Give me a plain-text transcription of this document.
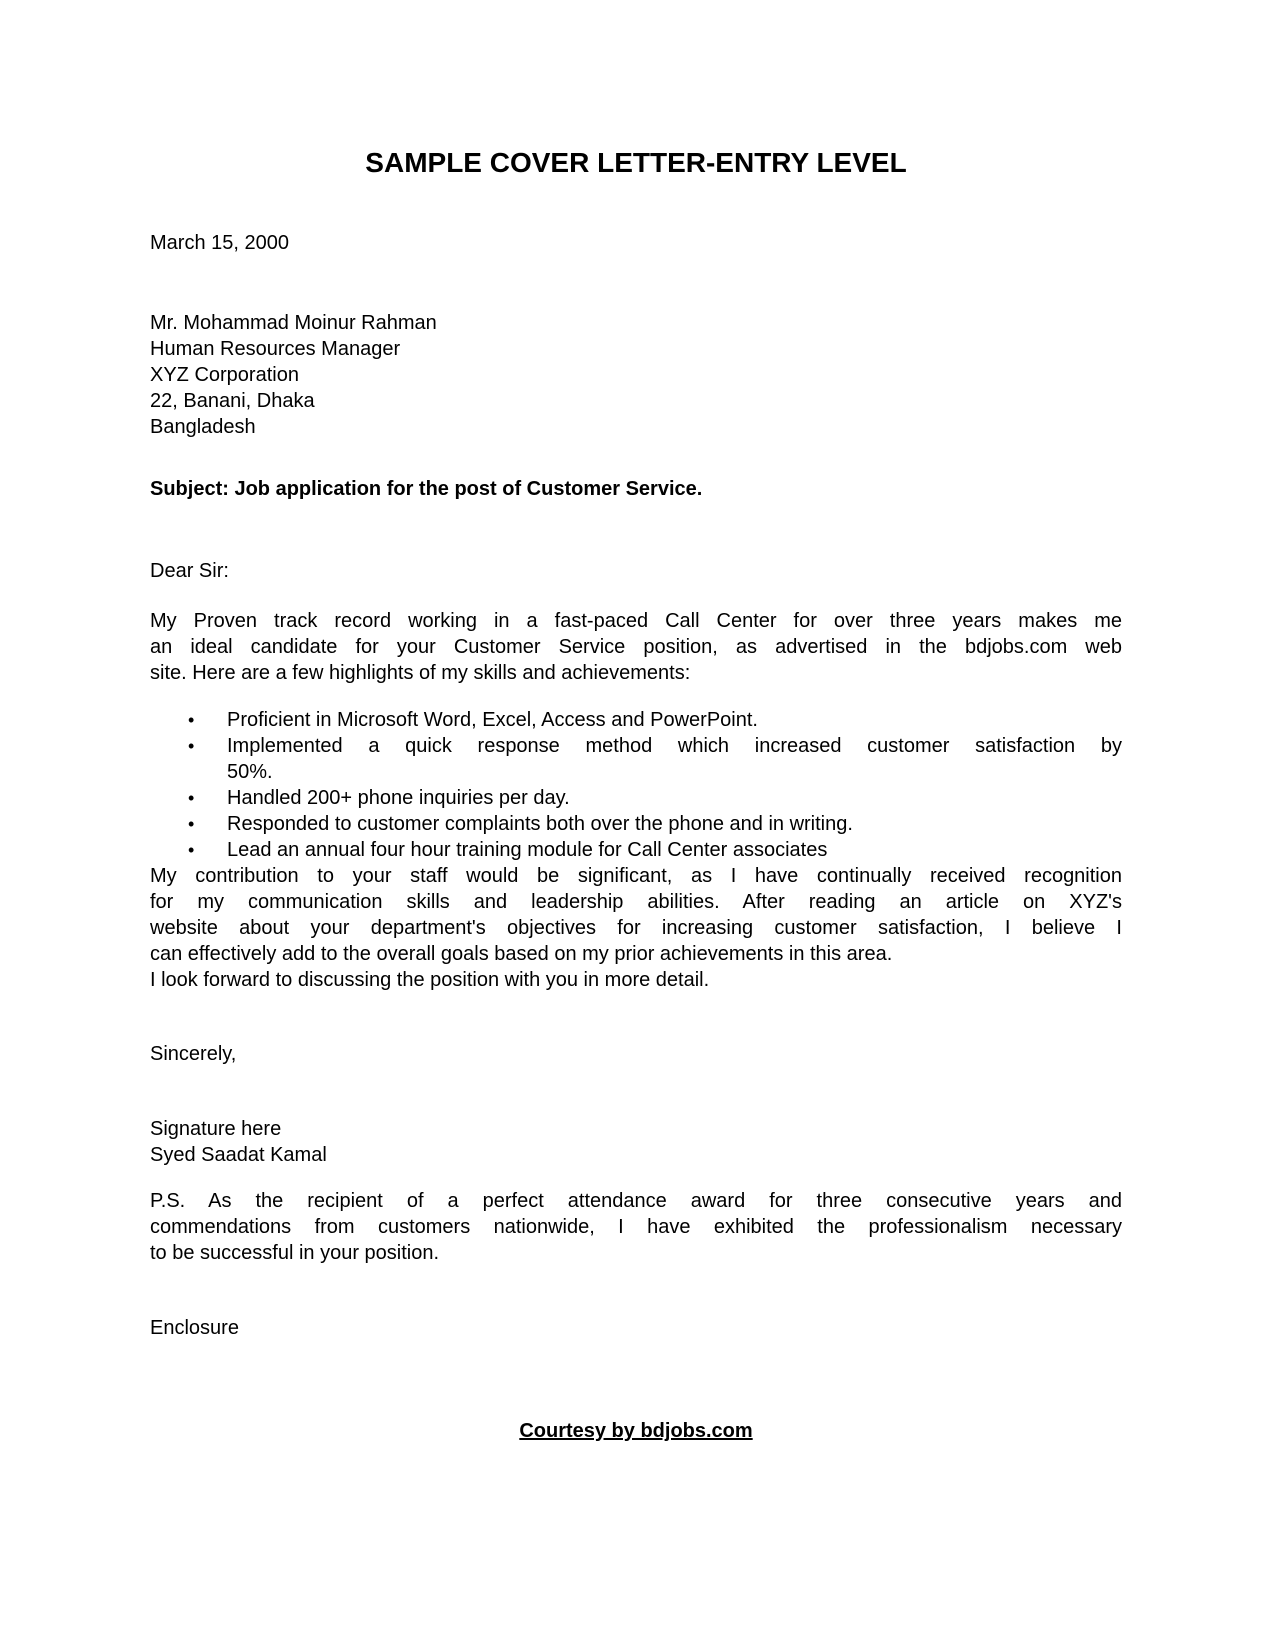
SAMPLE COVER LETTER-ENTRY LEVEL
March 15, 2000
Mr. Mohammad Moinur Rahman
Human Resources Manager
XYZ Corporation
22, Banani, Dhaka
Bangladesh
Subject: Job application for the post of Customer Service.
Dear Sir:
My Proven track record working in a fast-paced Call Center for over three years makes me
an ideal candidate for your Customer Service position, as advertised in the bdjobs.com web
site. Here are a few highlights of my skills and achievements:
• Proficient in Microsoft Word, Excel, Access and PowerPoint.
• Implemented a quick response method which increased customer satisfaction by
50%.
• Handled 200+ phone inquiries per day.
• Responded to customer complaints both over the phone and in writing.
• Lead an annual four hour training module for Call Center associates
My contribution to your staff would be significant, as I have continually received recognition
for my communication skills and leadership abilities. After reading an article on XYZ's
website about your department's objectives for increasing customer satisfaction, I believe I
can effectively add to the overall goals based on my prior achievements in this area.
I look forward to discussing the position with you in more detail.
Sincerely,
Signature here
Syed Saadat Kamal
P.S. As the recipient of a perfect attendance award for three consecutive years and
commendations from customers nationwide, I have exhibited the professionalism necessary
to be successful in your position.
Enclosure
Courtesy by bdjobs.com
